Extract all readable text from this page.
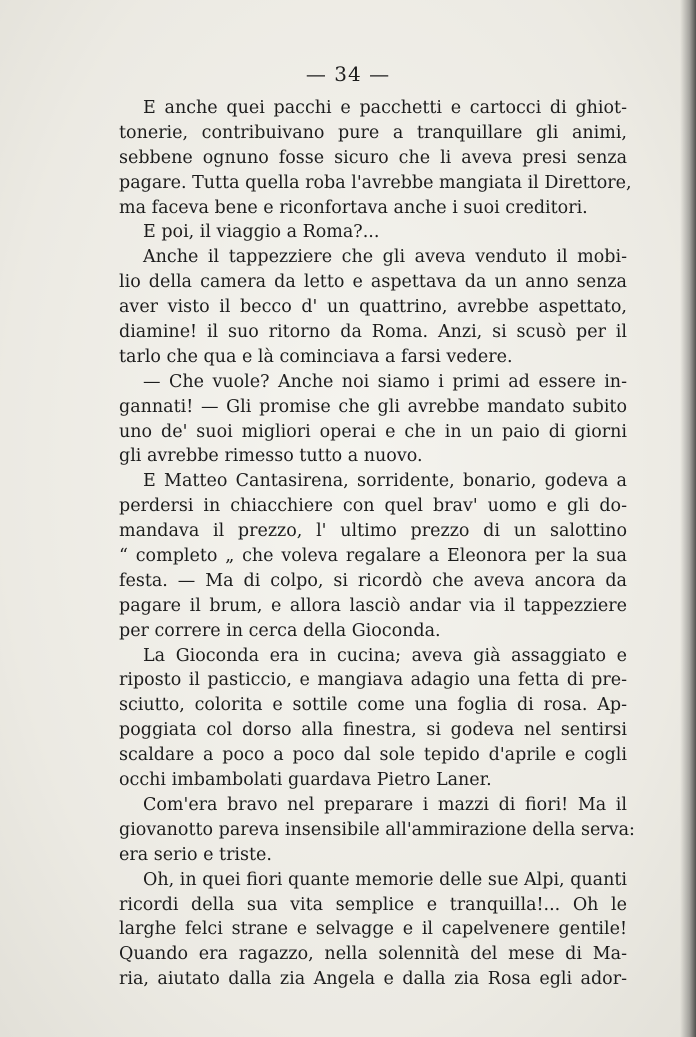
— 34 —
E anche quei pacchi e pacchetti e cartocci di ghiot-
tonerie, contribuivano pure a tranquillare gli animi,
sebbene ognuno fosse sicuro che li aveva presi senza
pagare. Tutta quella roba l'avrebbe mangiata il Direttore,
ma faceva bene e riconfortava anche i suoi creditori.
E poi, il viaggio a Roma?...
Anche il tappezziere che gli aveva venduto il mobi-
lio della camera da letto e aspettava da un anno senza
aver visto il becco d' un quattrino, avrebbe aspettato,
diamine! il suo ritorno da Roma. Anzi, si scusò per il
tarlo che qua e là cominciava a farsi vedere.
— Che vuole? Anche noi siamo i primi ad essere in-
gannati! — Gli promise che gli avrebbe mandato subito
uno de' suoi migliori operai e che in un paio di giorni
gli avrebbe rimesso tutto a nuovo.
E Matteo Cantasirena, sorridente, bonario, godeva a
perdersi in chiacchiere con quel brav' uomo e gli do-
mandava il prezzo, l' ultimo prezzo di un salottino
“ completo „ che voleva regalare a Eleonora per la sua
festa. — Ma di colpo, si ricordò che aveva ancora da
pagare il brum, e allora lasciò andar via il tappezziere
per correre in cerca della Gioconda.
La Gioconda era in cucina; aveva già assaggiato e
riposto il pasticcio, e mangiava adagio una fetta di pre-
sciutto, colorita e sottile come una foglia di rosa. Ap-
poggiata col dorso alla finestra, si godeva nel sentirsi
scaldare a poco a poco dal sole tepido d'aprile e cogli
occhi imbambolati guardava Pietro Laner.
Com'era bravo nel preparare i mazzi di fiori! Ma il
giovanotto pareva insensibile all'ammirazione della serva:
era serio e triste.
Oh, in quei fiori quante memorie delle sue Alpi, quanti
ricordi della sua vita semplice e tranquilla!... Oh le
larghe felci strane e selvagge e il capelvenere gentile!
Quando era ragazzo, nella solennità del mese di Ma-
ria, aiutato dalla zia Angela e dalla zia Rosa egli ador-
